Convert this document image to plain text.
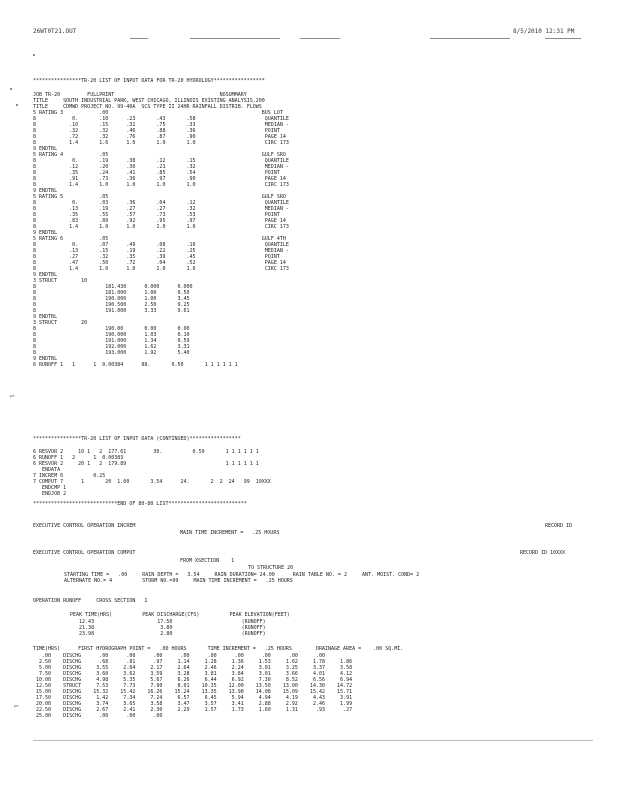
26WT0T21.OUT	8/5/2010 12:31 PM
⌐
⌐
****************TR-20 LIST OF INPUT DATA FOR TR-20 HYDROLOGY*****************
JOB TR-20         FULLPRINT                                   NOSUMMARY
TITLE     SOUTH INDUSTRIAL PARK, WEST CHICAGO, ILLINOIS EXISTING ANALYSIS,200
TITLE     CDMWD PROJECT NO. 99-40A  SCS TYPE II 24HR RAINFALL DISTRIB. FLOWS
5 RATING 3            .00                                                   BUS LOT
8            0.       .10      .23       .43       .58                       QUANTILE
8           .10       .15      .31       .75       .33                       MEDIAN -
8           .32       .32      .46       .88       .36                       POINT
8           .72       .32      .76       .87       .90                       PAGE 14
8           1.4       1.6      1.0       1.0       1.0                       CIRC 173
9 ENDTBL
5 RATING 4            .05                                                   GULF SRO
8            0.       .19      .38       .12       .15                       QUANTILE
8           .12       .20      .30       .21       .32                       MEDIAN -
8           .35       .24      .41       .85       .54                       POINT
8           .91       .73      .36       .97       .90                       PAGE 14
8           1.4       1.0      1.0       1.0       1.0                       CIRC 173
9 ENDTBL
5 RATING 5            .05                                                   GULF SRO
8            0.       .03      .36       .04       .12                       QUANTILE
8           .13       .19      .27       .27       .32                       MEDIAN -
8           .35       .55      .57       .73       .53                       POINT
8           .83       .89      .92       .95       .97                       PAGE 14
8           1.4       1.0      1.0       1.0       1.0                       CIRC 173
9 ENDTBL
5 RATING 6            .05                                                   GULF 4TH
8            0.       .07      .49       .08       .10                       QUANTILE
8           .13       .15      .19       .22       .25                       MEDIAN -
8           .27       .32      .35       .39       .45                       POINT
8           .47       .50      .72       .04       .52                       PAGE 14
8           1.4       1.0      1.0       1.0       1.0                       CIRC 173
9 ENDTBL
3 STRUCT        10
8                       181.430      0.000      0.000
8                       181.000      1.00       0.50
8                       190.000      1.00       3.45
8                       190.500      2.50       9.25
8                       191.000      3.33       9.61
9 ENDTBL
3 STRUCT        20
8                       190.00       0.00       0.00
8                       190.000      1.03       0.10
8                       191.000      1.34       0.59
8                       192.000      1.62       3.31
8                       193.000      1.92       5.40
9 ENDTBL
6 RUNOFF 1   1      1  0.00384      88.       0.50       1 1 1 1 1 1
****************TR-20 LIST OF INPUT DATA (CONTINUED)*****************
6 RESVOR 2     10 1   2  177.61         30.          0.50       1 1 1 1 1 1
6 RUNOFF 1   2      1  0.00383
6 RESVOR 2     20 1   2  179.89                                 1 1 1 1 1 1
ENDATA
7 INCREM 6          0.25
7 COMPUT 7      1       20  1.00       3.54      24.       2  2  24   99  10XXX
ENDCMP 1
ENDJOB 2
****************************END OF 80-80 LIST**************************
EXECUTIVE CONTROL OPERATION INCREM	RECORD ID
MAIN TIME INCREMENT =   .25 HOURS
EXECUTIVE CONTROL OPERATION COMPUT	RECORD ID 10XXX
FROM XSECTION    1
TO STRUCTURE 20
STARTING TIME =   .00     RAIN DEPTH =   3.54     RAIN DURATION= 24.00      RAIN TABLE NO. = 2     ANT. MOIST. COND= 2
ALTERNATE NO.= 4          STORM NO.=99     MAIN TIME INCREMENT =   .25 HOURS
OPERATION RUNOFF     CROSS SECTION   1
PEAK TIME(HRS)          PEAK DISCHARGE(CFS)          PEAK ELEVATION(FEET)
12.43                     17.50                       (RUNOFF)
21.38                      3.80                       (RUNOFF)
23.98                      2.80                       (RUNOFF)
TIME(HRS)      FIRST HYDROGRAPH POINT =   .00 HOURS       TIME INCREMENT =   .25 HOURS        DRAINAGE AREA =    .00 SQ.MI.
.00    DISCHG      .00      .00      .00      .00      .00      .00      .00      .00      .00
2.50    DISCHG      .68      .81      .97     1.14     1.28     1.36     1.53     1.62     1.78     1.86
5.00    DISCHG     3.55     2.04     2.17     2.64     2.46     2.24     3.01     3.25     3.37     3.58
7.50    DISCHG     3.60     3.62     3.59     3.28     3.81     3.84     3.01     3.66     4.01     4.12
10.00    DISCHG     4.98     5.35     5.67     6.26     6.44     6.92     7.30     8.52     6.56     6.94
12.50    STRUCT     7.53     7.73     7.90     8.01    10.35    12.00    13.50    13.00    14.30    14.72
15.00    DISCHG    15.32    15.42    16.26    15.24    13.35    13.98    14.08    15.09    15.42    15.71
17.50    DISCHG     1.42     7.34     7.24     6.57     6.45     5.94     4.94     4.19     4.43     3.91
20.00    DISCHG     3.74     3.65     3.58     3.47     3.57     3.41     2.88     2.92     2.46     1.99
22.50    DISCHG     2.67     2.41     2.30     2.29     1.57     1.73     1.60     1.31      .93      .27
25.00    DISCHG      .00      .00      .00
